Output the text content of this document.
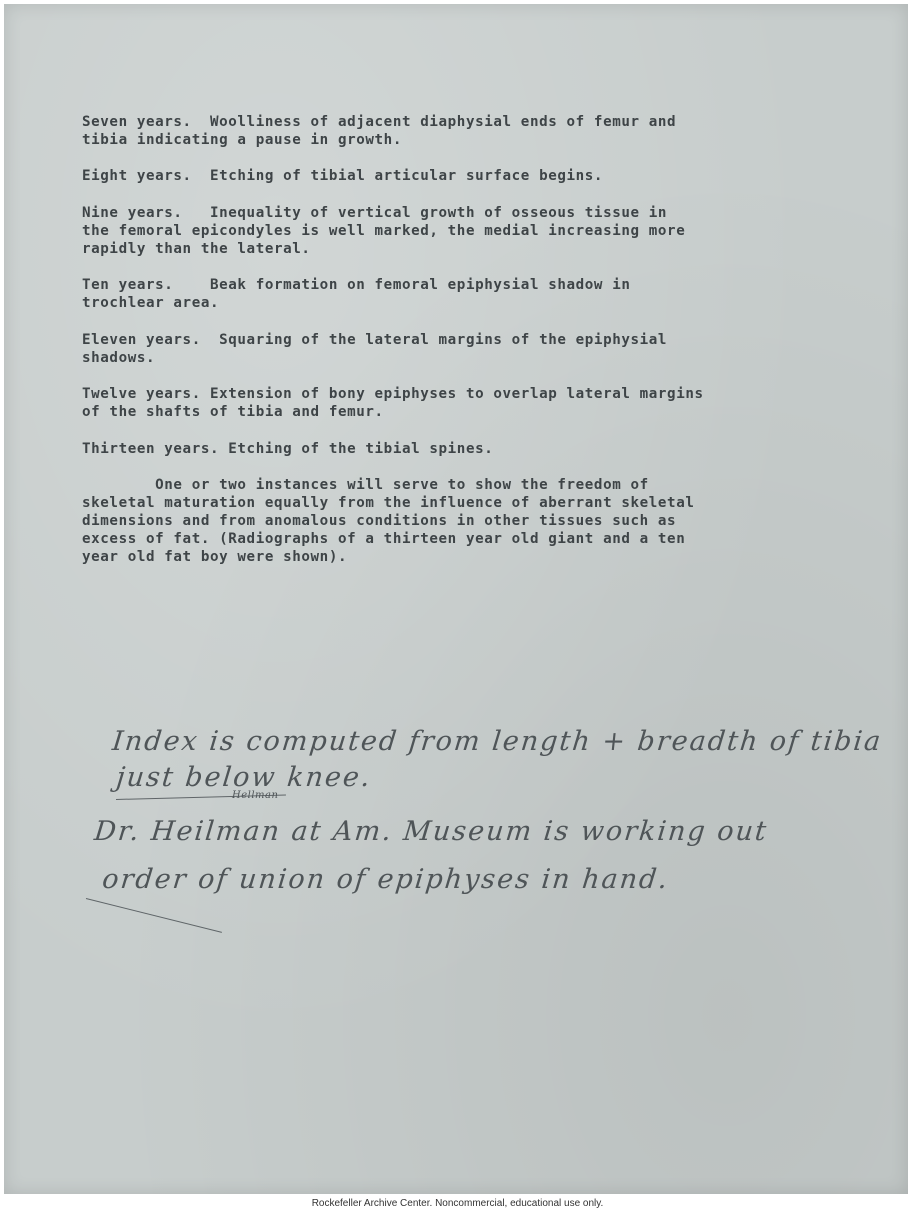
Seven years.  Woolliness of adjacent diaphysial ends of femur and

tibia indicating a pause in growth.

Eight years.  Etching of tibial articular surface begins.

Nine years.   Inequality of vertical growth of osseous tissue in

the femoral epicondyles is well marked, the medial increasing more

rapidly than the lateral.

Ten years.    Beak formation on femoral epiphysial shadow in

trochlear area.

Eleven years.  Squaring of the lateral margins of the epiphysial

shadows.

Twelve years. Extension of bony epiphyses to overlap lateral margins

of the shafts of tibia and femur.

Thirteen years. Etching of the tibial spines.

One or two instances will serve to show the freedom of

skeletal maturation equally from the influence of aberrant skeletal

dimensions and from anomalous conditions in other tissues such as

excess of fat. (Radiographs of a thirteen year old giant and a ten

year old fat boy were shown).

Index is computed from length + breadth of tibia

just below knee.

Hellman

Dr. Heilman at Am. Museum is working out

order of union of epiphyses in hand.

Rockefeller Archive Center. Noncommercial, educational use only.
